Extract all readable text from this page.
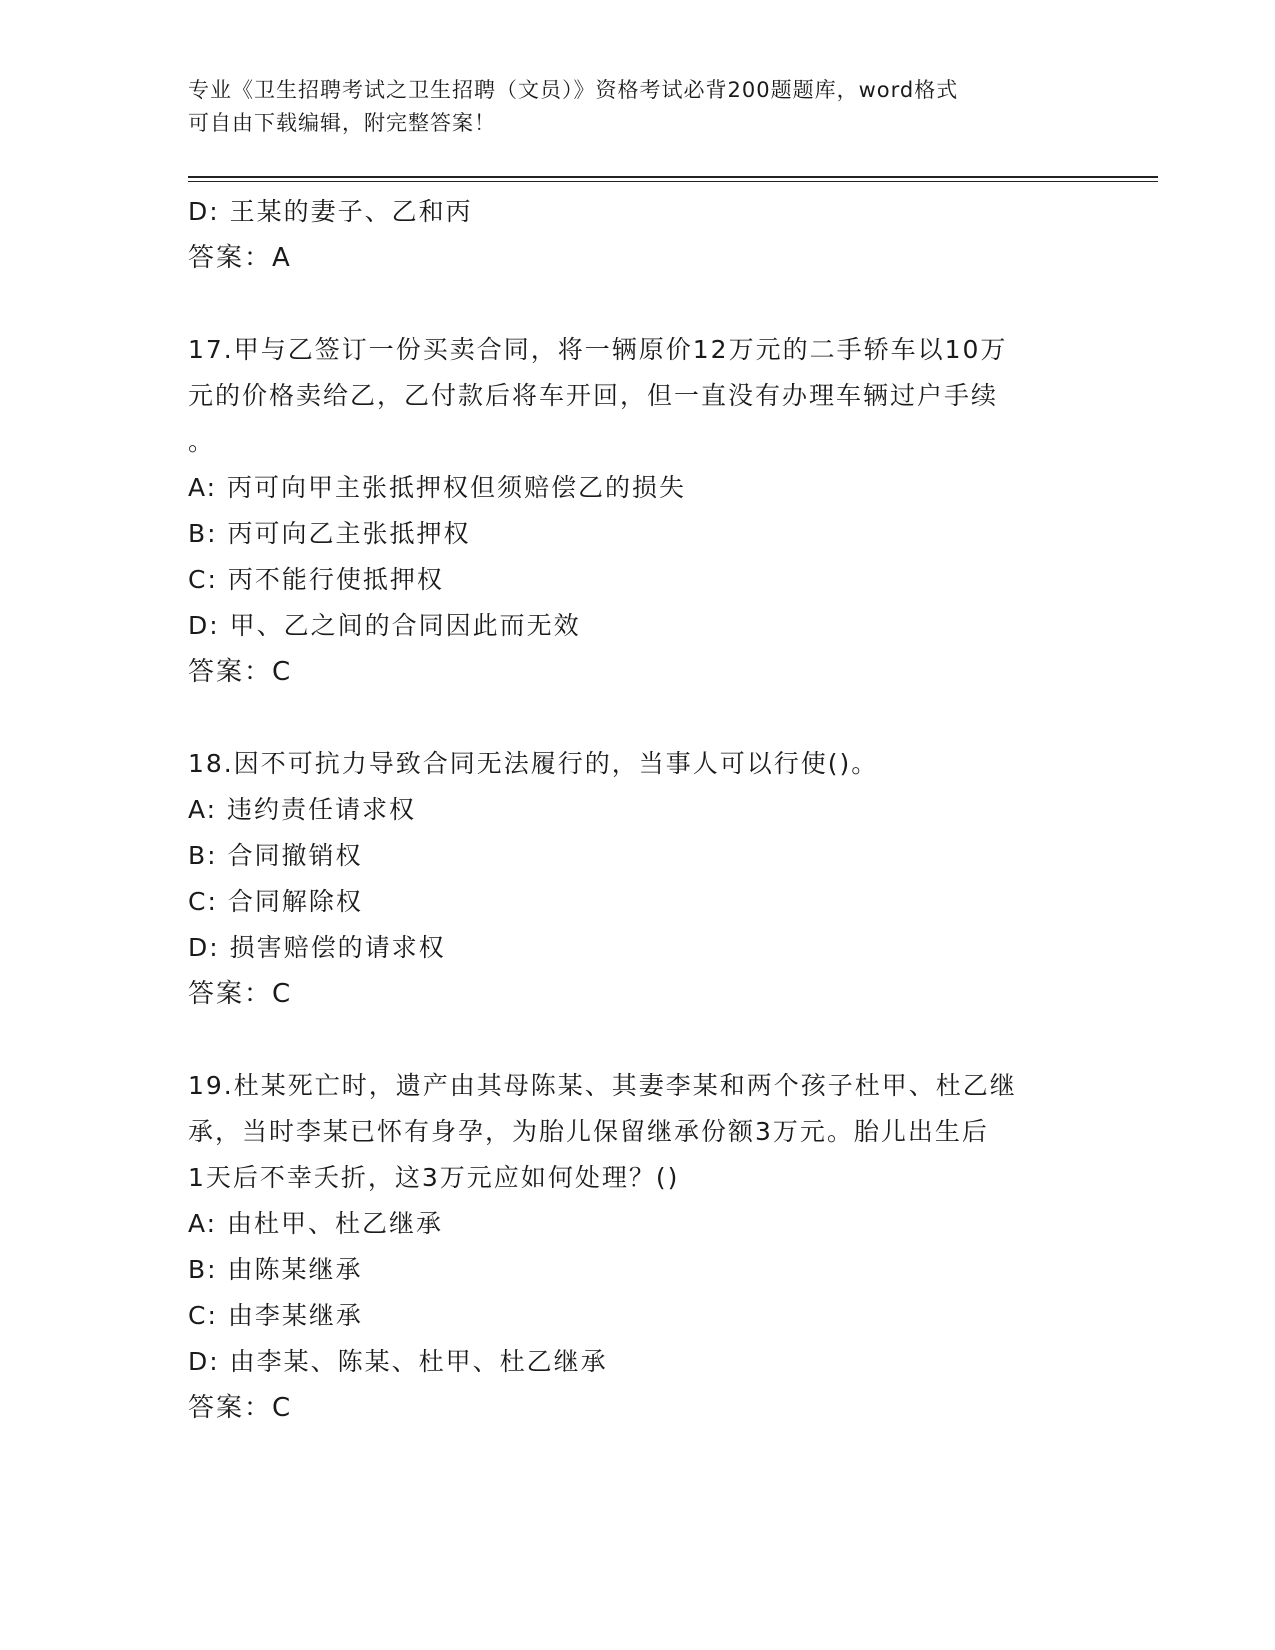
专业《卫生招聘考试之卫生招聘（文员）》资格考试必背200题题库，word格式
可自由下载编辑，附完整答案！
D: 王某的妻子、乙和丙
答案：A
17.甲与乙签订一份买卖合同，将一辆原价12万元的二手轿车以10万
元的价格卖给乙，乙付款后将车开回，但一直没有办理车辆过户手续
。
A: 丙可向甲主张抵押权但须赔偿乙的损失
B: 丙可向乙主张抵押权
C: 丙不能行使抵押权
D: 甲、乙之间的合同因此而无效
答案：C
18.因不可抗力导致合同无法履行的，当事人可以行使()。
A: 违约责任请求权
B: 合同撤销权
C: 合同解除权
D: 损害赔偿的请求权
答案：C
19.杜某死亡时，遗产由其母陈某、其妻李某和两个孩子杜甲、杜乙继
承，当时李某已怀有身孕，为胎儿保留继承份额3万元。胎儿出生后
1天后不幸夭折，这3万元应如何处理？()
A: 由杜甲、杜乙继承
B: 由陈某继承
C: 由李某继承
D: 由李某、陈某、杜甲、杜乙继承
答案：C
